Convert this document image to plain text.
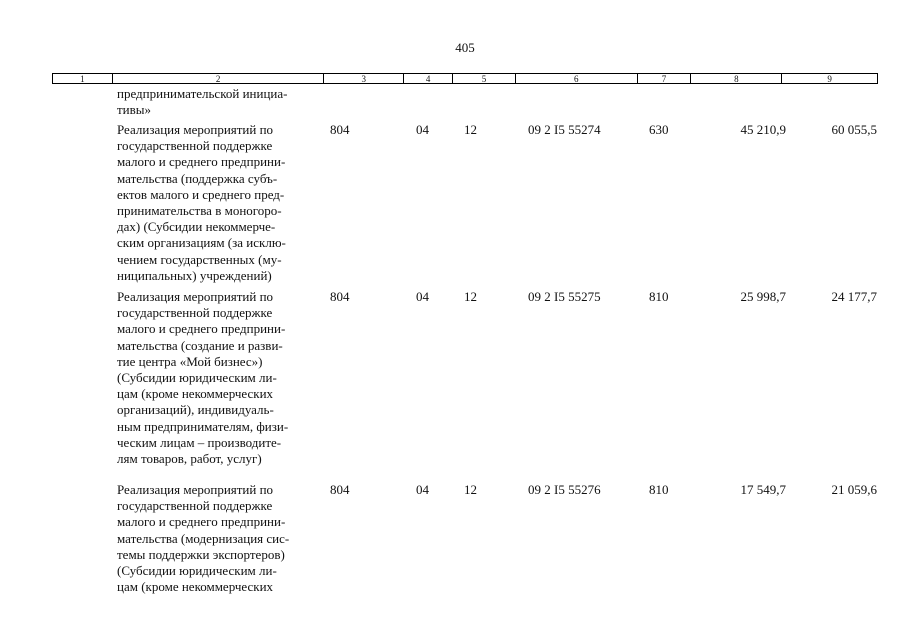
405
1	2	3	4	5	6	7	8	9
предпринимательской инициа-
тивы»
Реализация мероприятий по
государственной поддержке
малого и среднего предприни-
мательства (поддержка субъ-
ектов малого и среднего пред-
принимательства в моногоро-
дах) (Субсидии некоммерче-
ским организациям (за исклю-
чением государственных (му-
ниципальных) учреждений)
804	04	12	09 2 I5 55274	630	45 210,9	60 055,5
Реализация мероприятий по
государственной поддержке
малого и среднего предприни-
мательства (создание и разви-
тие центра «Мой бизнес»)
(Субсидии юридическим ли-
цам (кроме некоммерческих
организаций), индивидуаль-
ным предпринимателям, физи-
ческим лицам – производите-
лям товаров, работ, услуг)
804	04	12	09 2 I5 55275	810	25 998,7	24 177,7
Реализация мероприятий по
государственной поддержке
малого и среднего предприни-
мательства (модернизация сис-
темы поддержки экспортеров)
(Субсидии юридическим ли-
цам (кроме некоммерческих
804	04	12	09 2 I5 55276	810	17 549,7	21 059,6
